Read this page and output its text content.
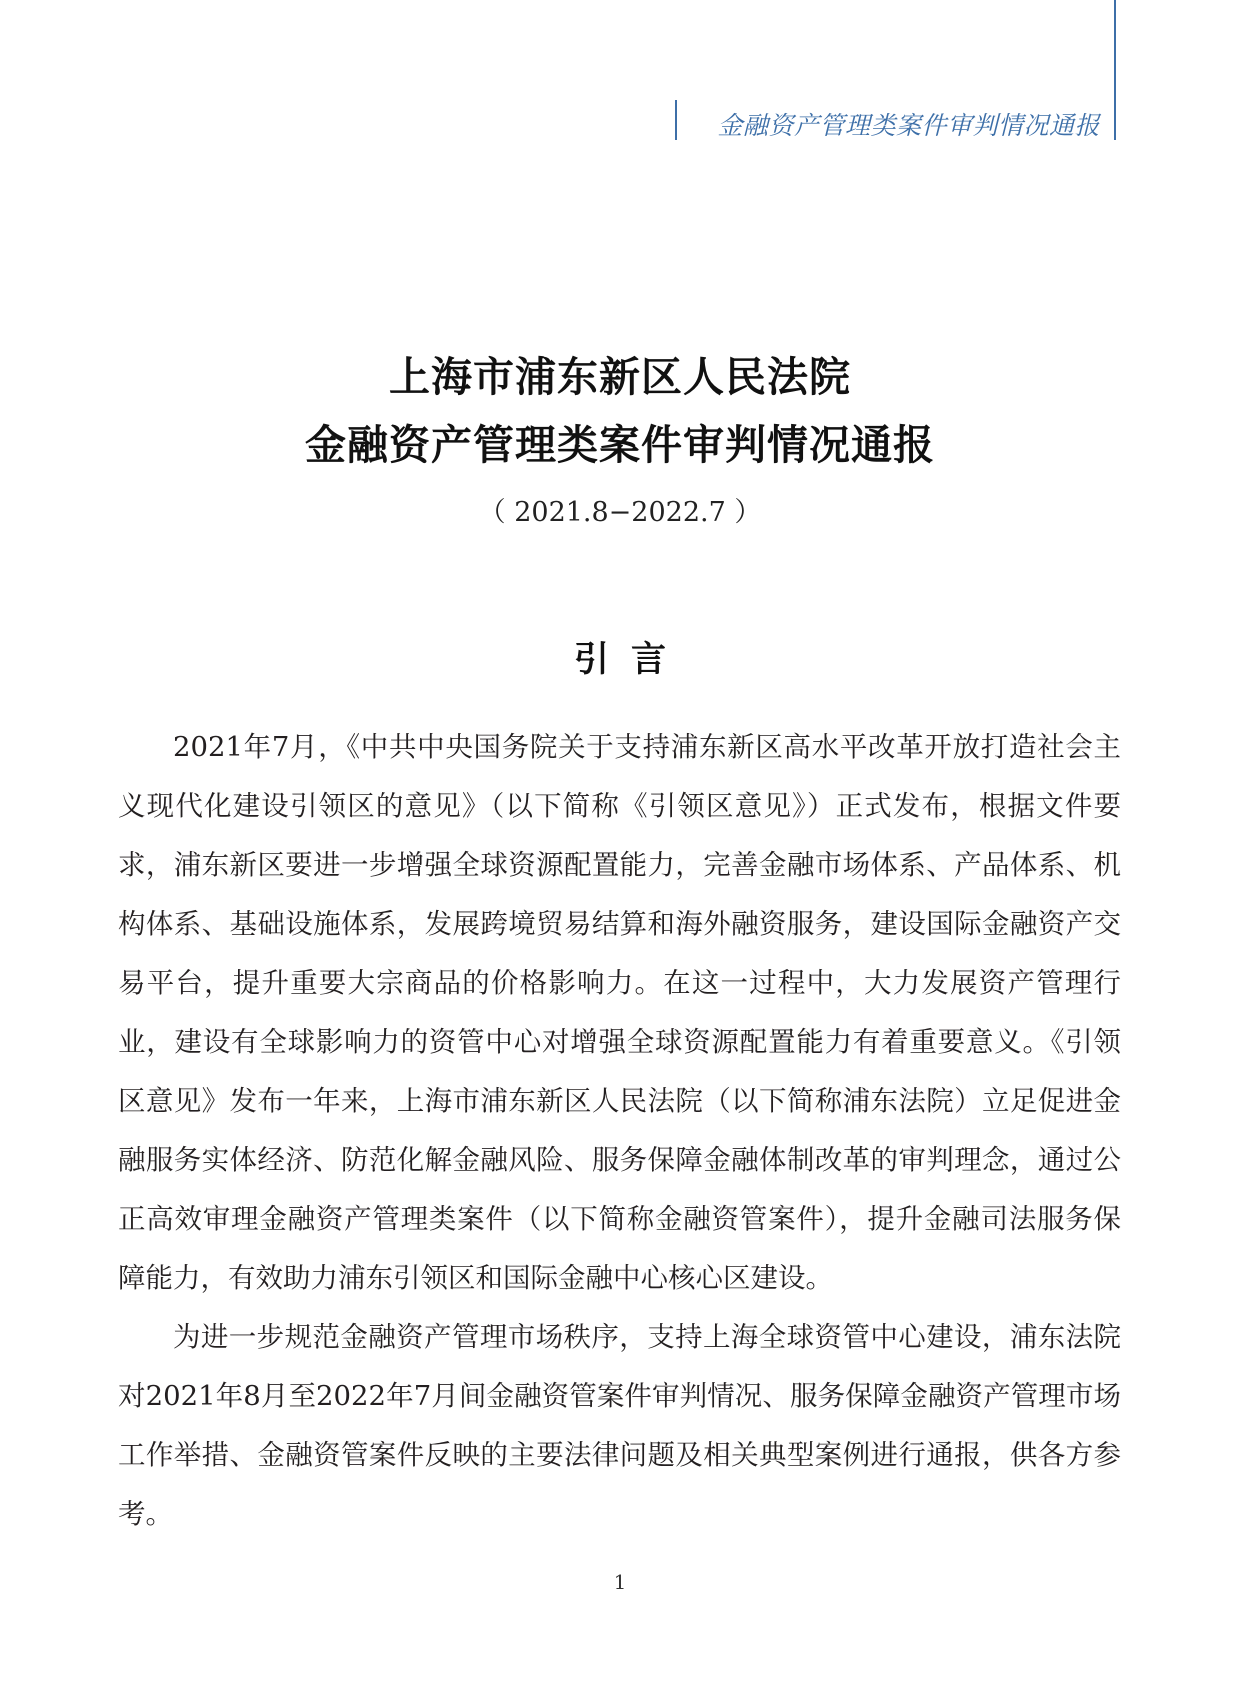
金融资产管理类案件审判情况通报
上海市浦东新区人民法院
金融资产管理类案件审判情况通报
（ 2021.8−2022.7 ）
引言

2021年7月，《中共中央国务院关于支持浦东新区高水平改革开放打造社会主义现代化建设引领区的意见》（以下简称《引领区意见》）正式发布，根据文件要求，浦东新区要进一步增强全球资源配置能力，完善金融市场体系、产品体系、机构体系、基础设施体系，发展跨境贸易结算和海外融资服务，建设国际金融资产交易平台，提升重要大宗商品的价格影响力。在这一过程中，大力发展资产管理行业，建设有全球影响力的资管中心对增强全球资源配置能力有着重要意义。《引领区意见》发布一年来，上海市浦东新区人民法院（以下简称浦东法院）立足促进金融服务实体经济、防范化解金融风险、服务保障金融体制改革的审判理念，通过公正高效审理金融资产管理类案件（以下简称金融资管案件），提升金融司法服务保障能力，有效助力浦东引领区和国际金融中心核心区建设。

为进一步规范金融资产管理市场秩序，支持上海全球资管中心建设，浦东法院对2021年8月至2022年7月间金融资管案件审判情况、服务保障金融资产管理市场工作举措、金融资管案件反映的主要法律问题及相关典型案例进行通报，供各方参考。

1
